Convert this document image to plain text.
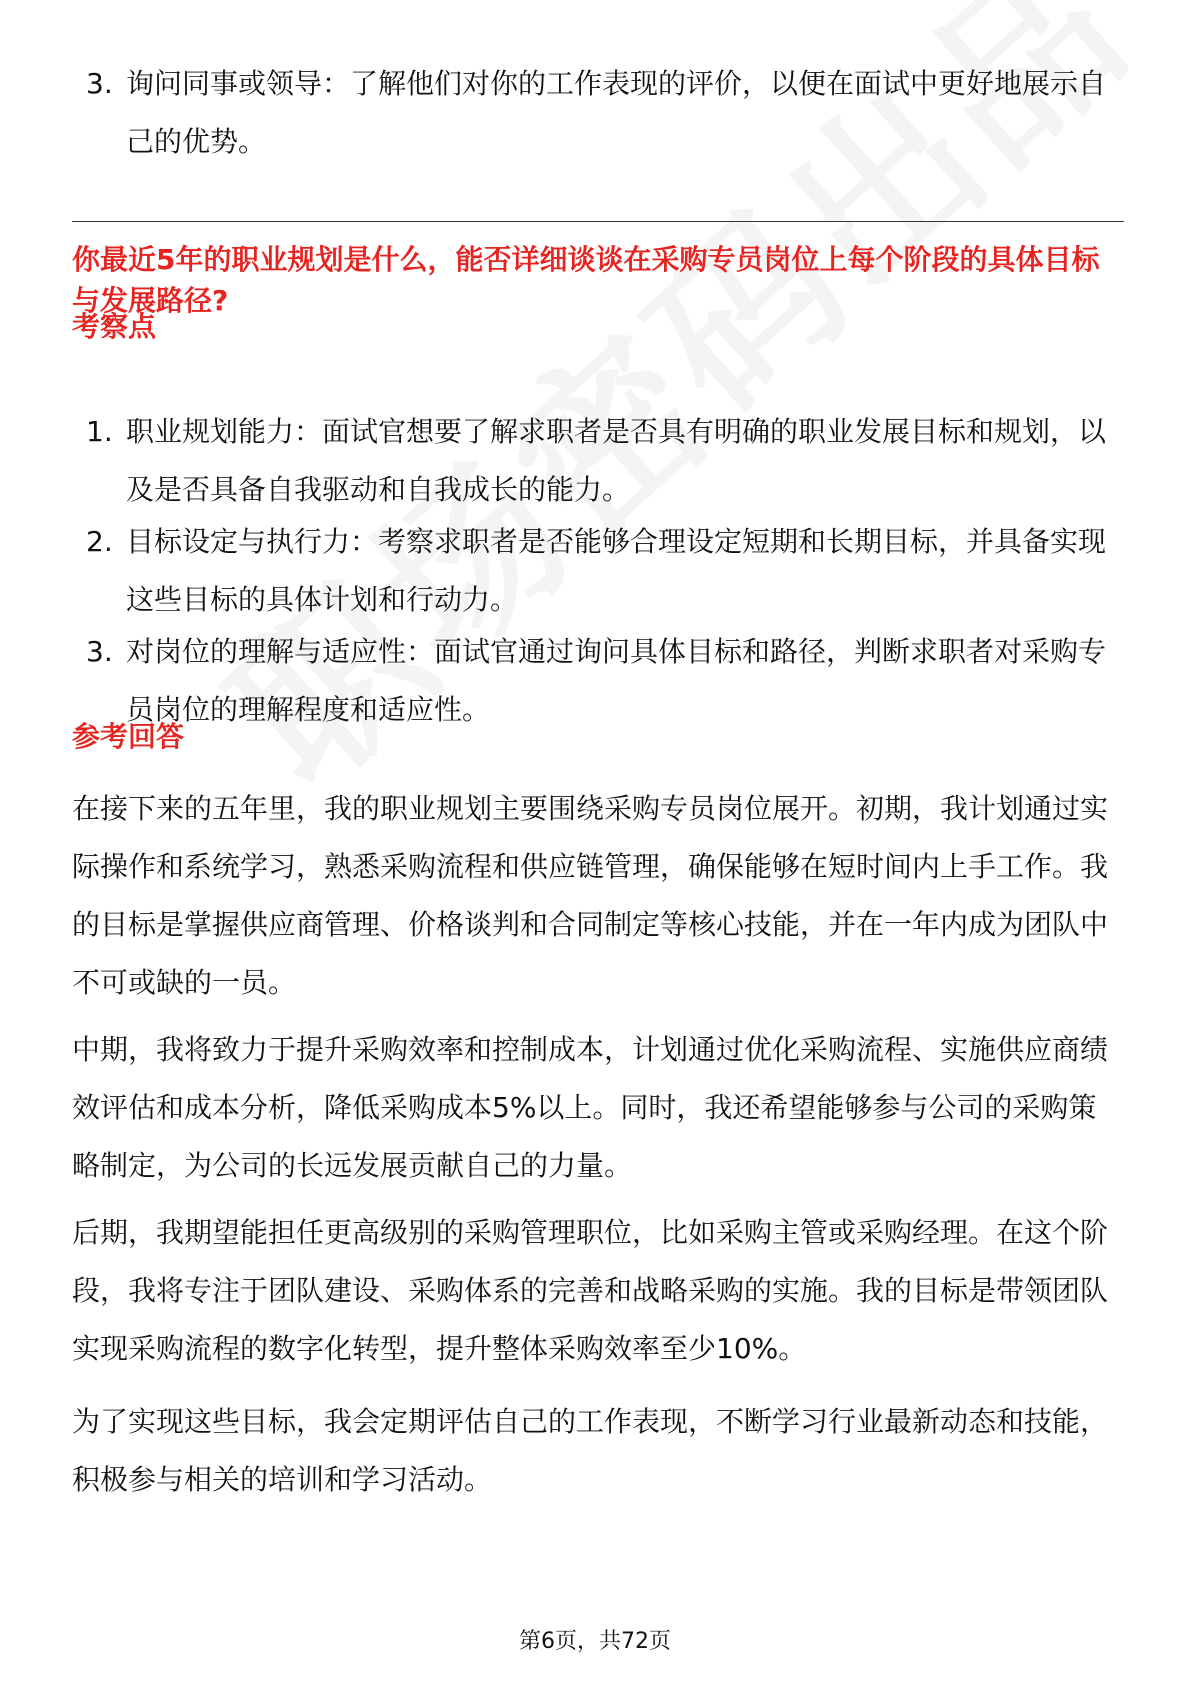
3. 询问同事或领导：了解他们对你的工作表现的评价，以便在面试中更好地展示自己的优势。
你最近5年的职业规划是什么，能否详细谈谈在采购专员岗位上每个阶段的具体目标与发展路径?
考察点
1. 职业规划能力：面试官想要了解求职者是否具有明确的职业发展目标和规划，以及是否具备自我驱动和自我成长的能力。
2. 目标设定与执行力：考察求职者是否能够合理设定短期和长期目标，并具备实现这些目标的具体计划和行动力。
3. 对岗位的理解与适应性：面试官通过询问具体目标和路径，判断求职者对采购专员岗位的理解程度和适应性。
参考回答

在接下来的五年里，我的职业规划主要围绕采购专员岗位展开。初期，我计划通过实际操作和系统学习，熟悉采购流程和供应链管理，确保能够在短时间内上手工作。我的目标是掌握供应商管理、价格谈判和合同制定等核心技能，并在一年内成为团队中不可或缺的一员。

中期，我将致力于提升采购效率和控制成本，计划通过优化采购流程、实施供应商绩效评估和成本分析，降低采购成本5%以上。同时，我还希望能够参与公司的采购策略制定，为公司的长远发展贡献自己的力量。

后期，我期望能担任更高级别的采购管理职位，比如采购主管或采购经理。在这个阶段，我将专注于团队建设、采购体系的完善和战略采购的实施。我的目标是带领团队实现采购流程的数字化转型，提升整体采购效率至少10%。

为了实现这些目标，我会定期评估自己的工作表现，不断学习行业最新动态和技能，积极参与相关的培训和学习活动。

第6页，共72页
